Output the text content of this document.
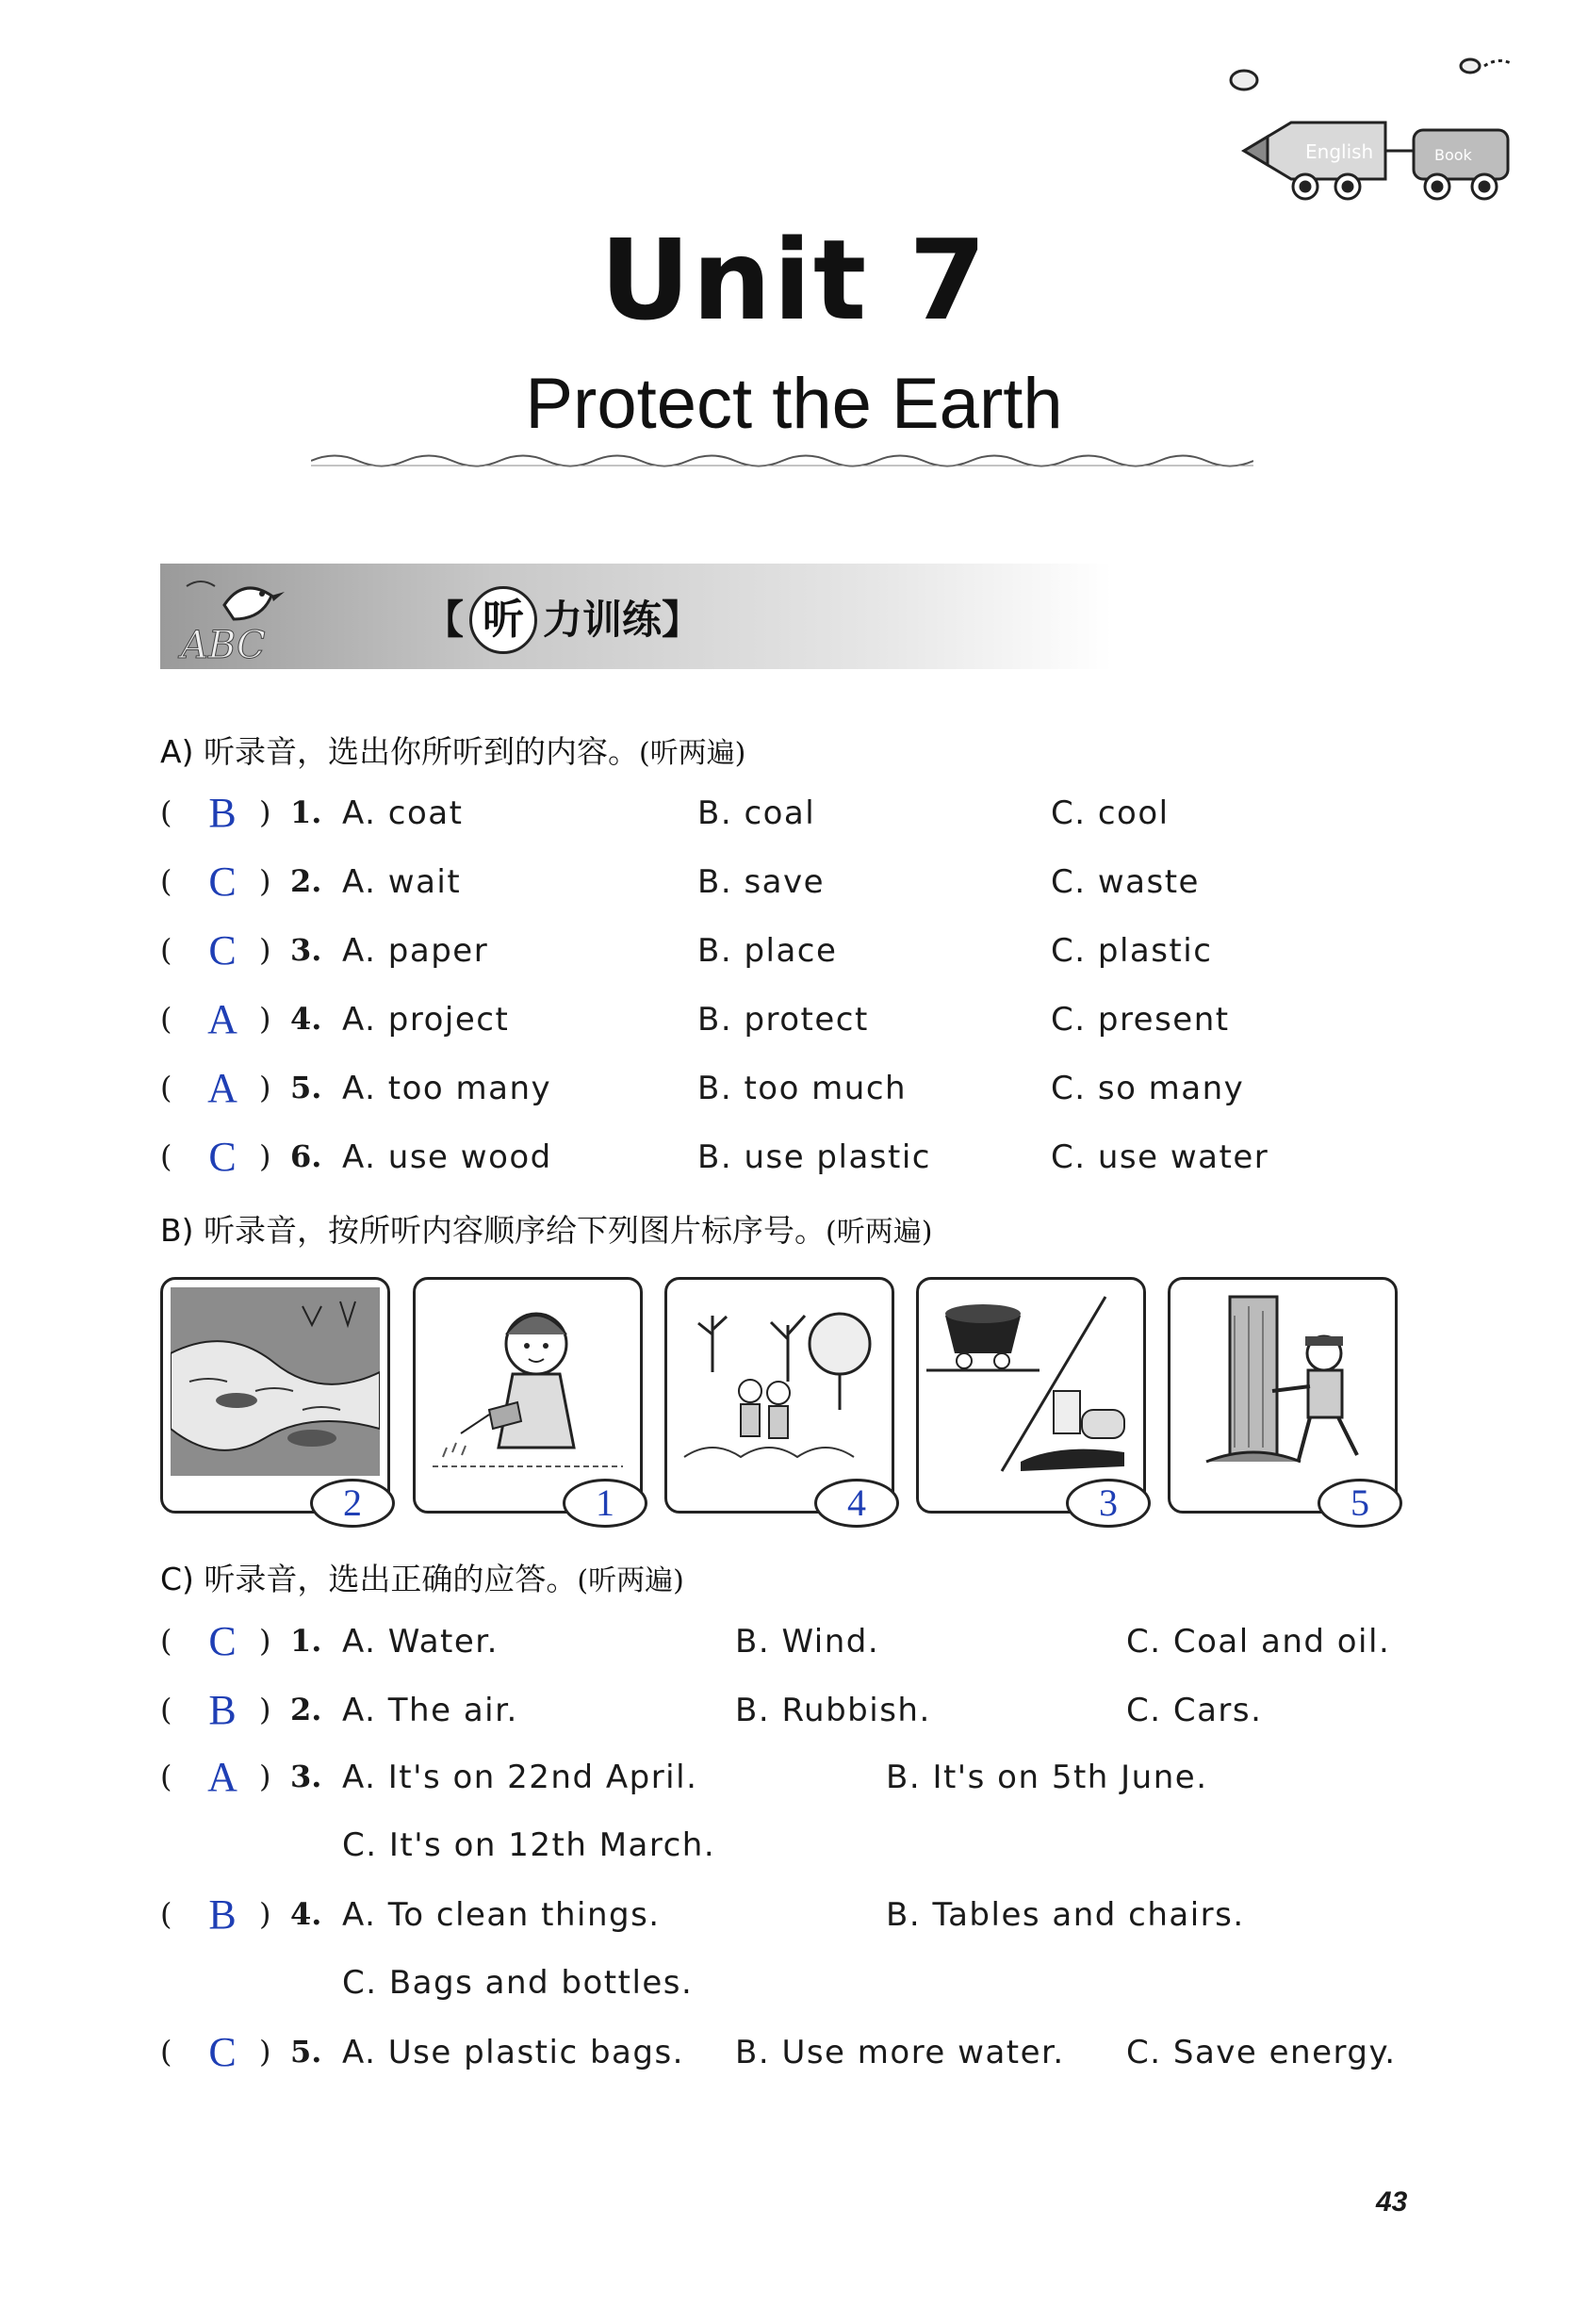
English	Book
Unit 7
Protect the Earth
ABC
【 听 力训练】
A) 听录音，选出你所听到的内容。(听两遍)
( B ) 1. A. coat	B. coal	C. cool
( C ) 2. A. wait	B. save	C. waste
( C ) 3. A. paper	B. place	C. plastic
( A ) 4. A. project	B. protect	C. present
( A ) 5. A. too many	B. too much	C. so many
( C ) 6. A. use wood	B. use plastic	C. use water
B) 听录音，按所听内容顺序给下列图片标序号。(听两遍)
2	1	4	3	5
C) 听录音，选出正确的应答。(听两遍)
( C ) 1. A. Water.	B. Wind.	C. Coal and oil.
( B ) 2. A. The air.	B. Rubbish.	C. Cars.
( A ) 3. A. It's on 22nd April.	B. It's on 5th June.
C. It's on 12th March.
( B ) 4. A. To clean things.	B. Tables and chairs.
C. Bags and bottles.
( C ) 5. A. Use plastic bags. B. Use more water. C. Save energy.
43
